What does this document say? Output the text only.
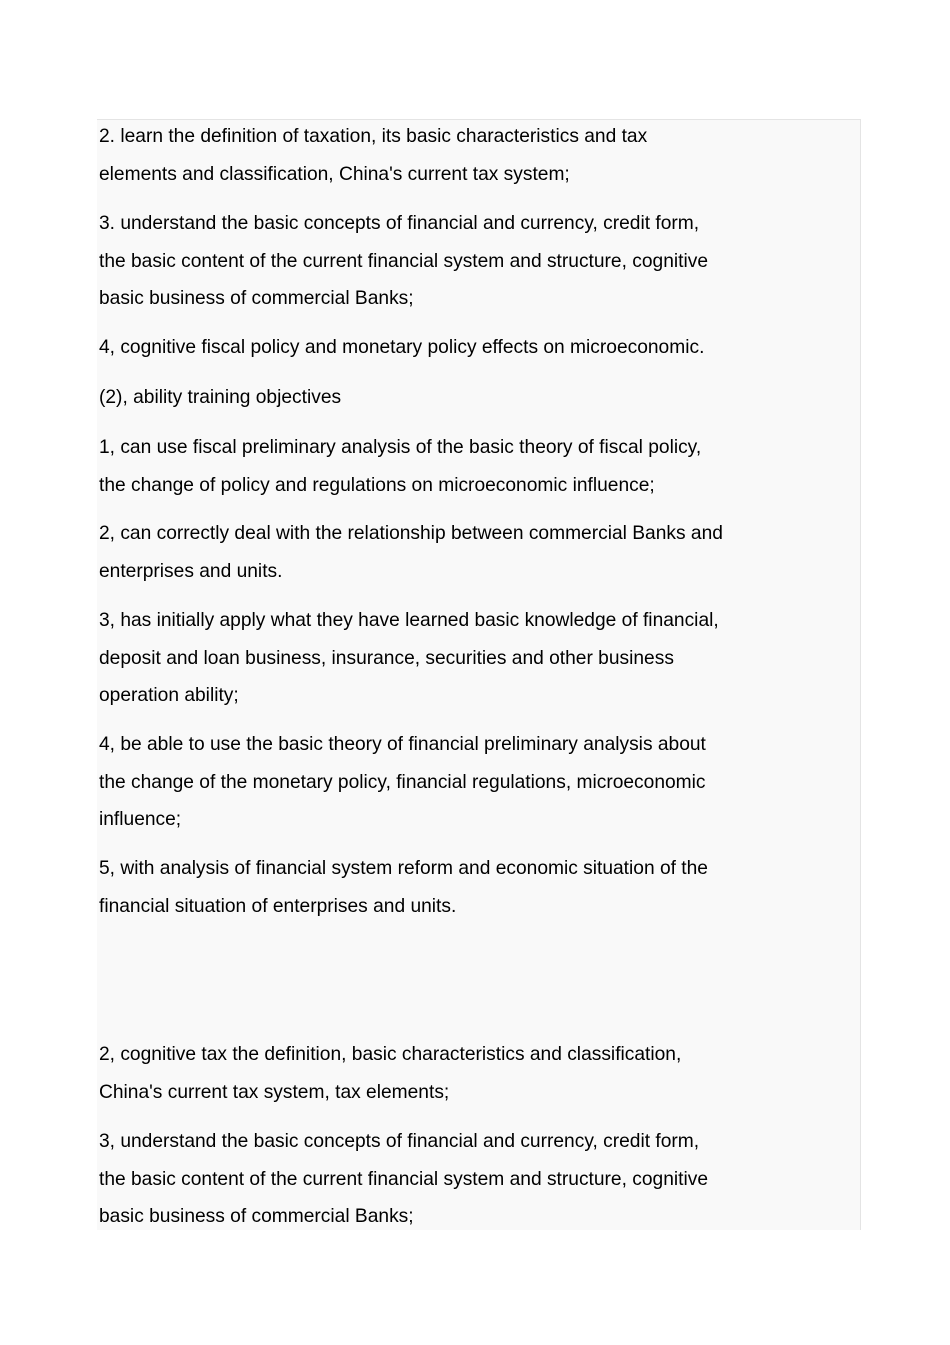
2. learn the definition of taxation, its basic characteristics and tax
elements and classification, China's current tax system;

3. understand the basic concepts of financial and currency, credit form,
the basic content of the current financial system and structure, cognitive
basic business of commercial Banks;

4, cognitive fiscal policy and monetary policy effects on microeconomic.

(2), ability training objectives

1, can use fiscal preliminary analysis of the basic theory of fiscal policy,
the change of policy and regulations on microeconomic influence;

2, can correctly deal with the relationship between commercial Banks and
enterprises and units.

3, has initially apply what they have learned basic knowledge of financial,
deposit and loan business, insurance, securities and other business
operation ability;

4, be able to use the basic theory of financial preliminary analysis about
the change of the monetary policy, financial regulations, microeconomic
influence;

5, with analysis of financial system reform and economic situation of the
financial situation of enterprises and units.

2, cognitive tax the definition, basic characteristics and classification,
China's current tax system, tax elements;

3, understand the basic concepts of financial and currency, credit form,
the basic content of the current financial system and structure, cognitive
basic business of commercial Banks;
